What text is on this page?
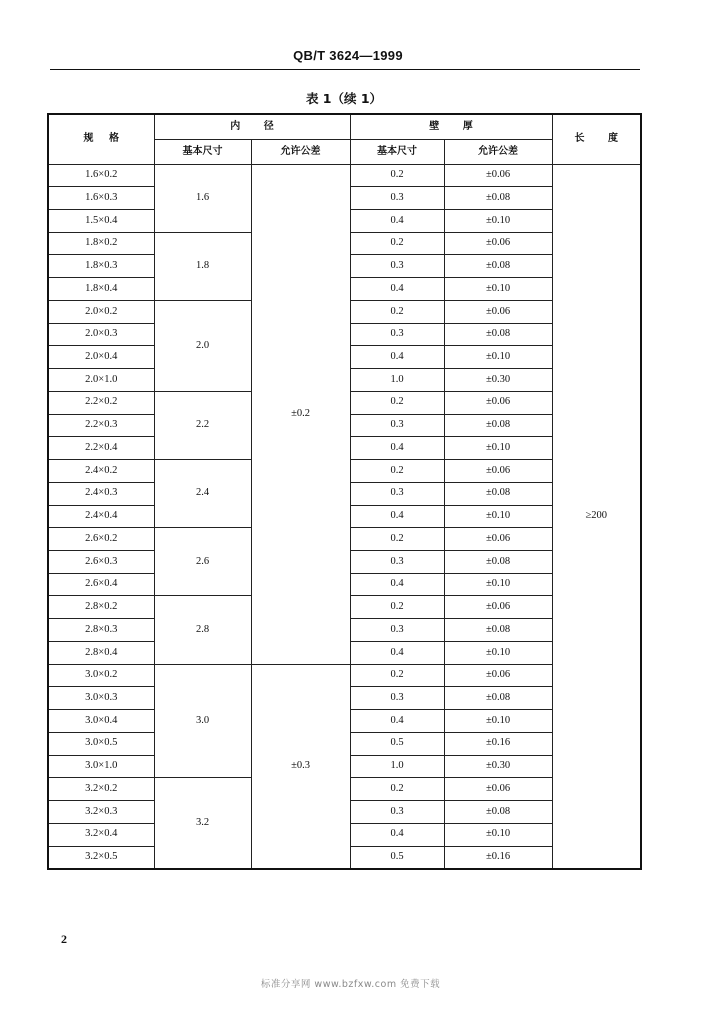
QB/T 3624—1999
表 1（续 1）
规 格	内 径		壁 厚		长 度
	基本尺寸	允许公差	基本尺寸	允许公差	
1.6×0.2	1.6	±0.2	0.2	±0.06	≥200
1.6×0.3			0.3	±0.08	
1.5×0.4			0.4	±0.10	
1.8×0.2	1.8		0.2	±0.06	
1.8×0.3			0.3	±0.08	
1.8×0.4			0.4	±0.10	
2.0×0.2	2.0		0.2	±0.06	
2.0×0.3			0.3	±0.08	
2.0×0.4			0.4	±0.10	
2.0×1.0			1.0	±0.30	
2.2×0.2	2.2		0.2	±0.06	
2.2×0.3			0.3	±0.08	
2.2×0.4			0.4	±0.10	
2.4×0.2	2.4		0.2	±0.06	
2.4×0.3			0.3	±0.08	
2.4×0.4			0.4	±0.10	
2.6×0.2	2.6		0.2	±0.06	
2.6×0.3			0.3	±0.08	
2.6×0.4			0.4	±0.10	
2.8×0.2	2.8		0.2	±0.06	
2.8×0.3			0.3	±0.08	
2.8×0.4			0.4	±0.10	
3.0×0.2	3.0	±0.3	0.2	±0.06	
3.0×0.3			0.3	±0.08	
3.0×0.4			0.4	±0.10	
3.0×0.5			0.5	±0.16	
3.0×1.0			1.0	±0.30	
3.2×0.2	3.2		0.2	±0.06	
3.2×0.3			0.3	±0.08	
3.2×0.4			0.4	±0.10	
3.2×0.5			0.5	±0.16	
2
标准分享网 www.bzfxw.com 免费下载
